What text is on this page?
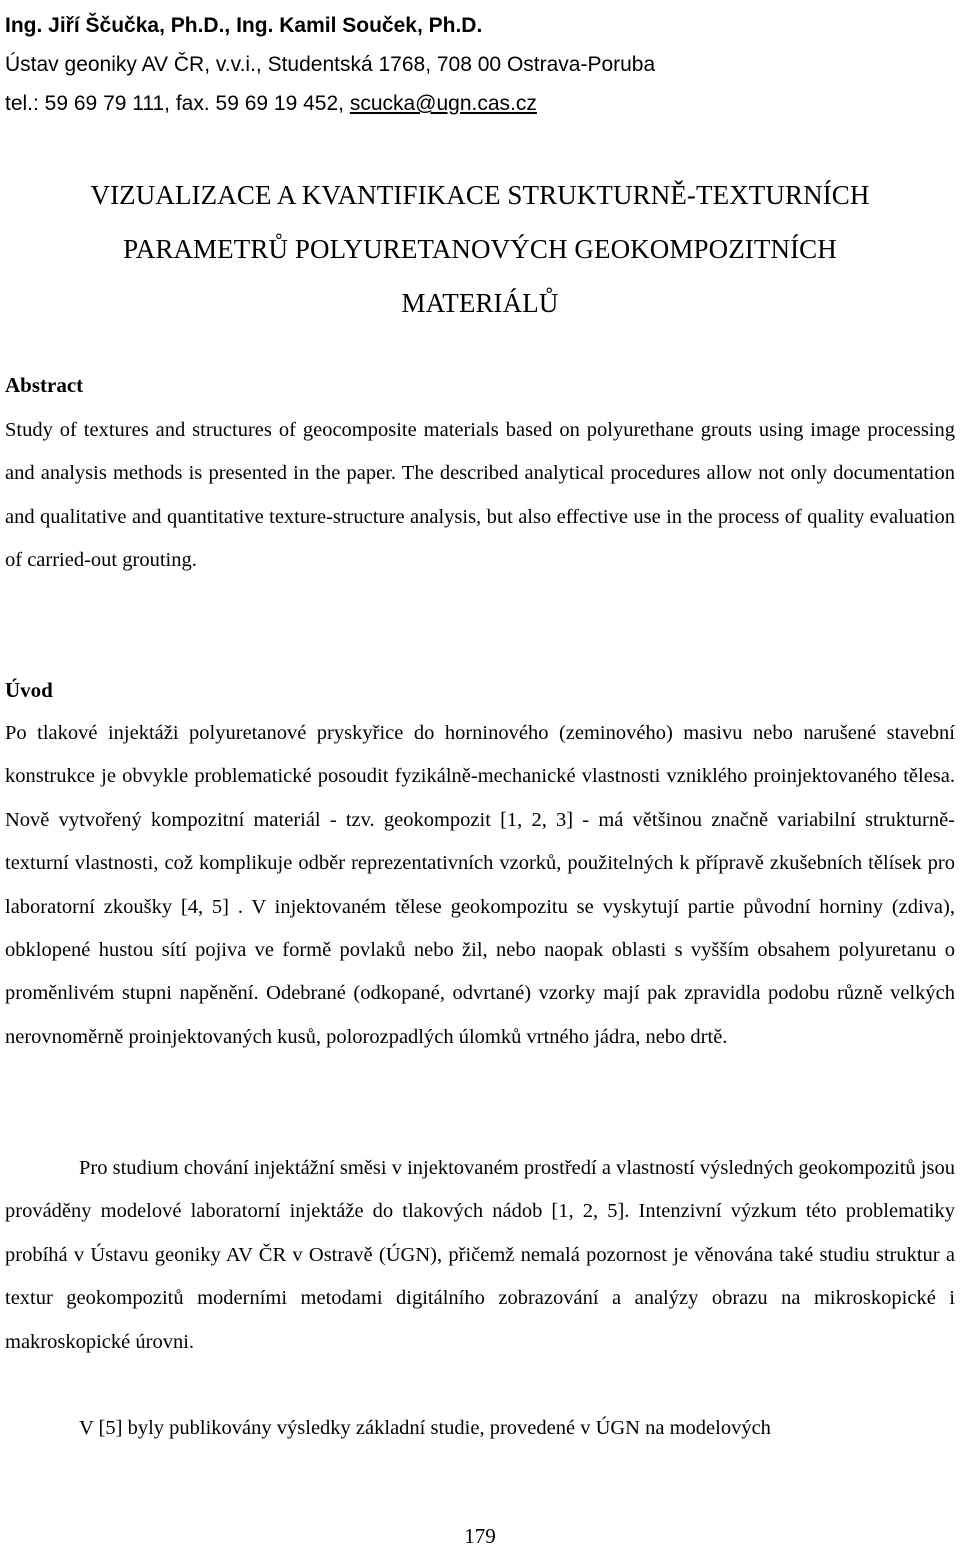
Ing. Jiří Ščučka, Ph.D., Ing. Kamil Souček, Ph.D.

Ústav geoniky AV ČR, v.v.i., Studentská 1768, 708 00 Ostrava-Poruba

tel.: 59 69 79 111, fax. 59 69 19 452, scucka@ugn.cas.cz

VIZUALIZACE A KVANTIFIKACE STRUKTURNĚ-TEXTURNÍCH
PARAMETRŮ POLYURETANOVÝCH GEOKOMPOZITNÍCH
MATERIÁLŮ
Abstract

Study of textures and structures of geocomposite materials based on polyurethane grouts using image processing and analysis methods is presented in the paper. The described analytical procedures allow not only documentation and qualitative and quantitative texture-structure analysis, but also effective use in the process of quality evaluation of carried-out grouting.

Úvod

Po tlakové injektáži polyuretanové pryskyřice do horninového (zeminového) masivu nebo narušené stavební konstrukce je obvykle problematické posoudit fyzikálně-mechanické vlastnosti vzniklého proinjektovaného tělesa. Nově vytvořený kompozitní materiál - tzv. geokompozit [1, 2, 3] - má většinou značně variabilní strukturně-texturní vlastnosti, což komplikuje odběr reprezentativních vzorků, použitelných k přípravě zkušebních tělísek pro laboratorní zkoušky [4, 5] . V injektovaném tělese geokompozitu se vyskytují partie původní horniny (zdiva), obklopené hustou sítí pojiva ve formě povlaků nebo žil, nebo naopak oblasti s vyšším obsahem polyuretanu o proměnlivém stupni napěnění. Odebrané (odkopané, odvrtané) vzorky mají pak zpravidla podobu různě velkých nerovnoměrně proinjektovaných kusů, polorozpadlých úlomků vrtného jádra, nebo drtě.

Pro studium chování injektážní směsi v injektovaném prostředí a vlastností výsledných geokompozitů jsou prováděny modelové laboratorní injektáže do tlakových nádob [1, 2, 5]. Intenzivní výzkum této problematiky probíhá v Ústavu geoniky AV ČR v Ostravě (ÚGN), přičemž nemalá pozornost je věnována také studiu struktur a textur geokompozitů moderními metodami digitálního zobrazování a analýzy obrazu na mikroskopické i makroskopické úrovni.

V [5] byly publikovány výsledky základní studie, provedené v ÚGN na modelových

179
